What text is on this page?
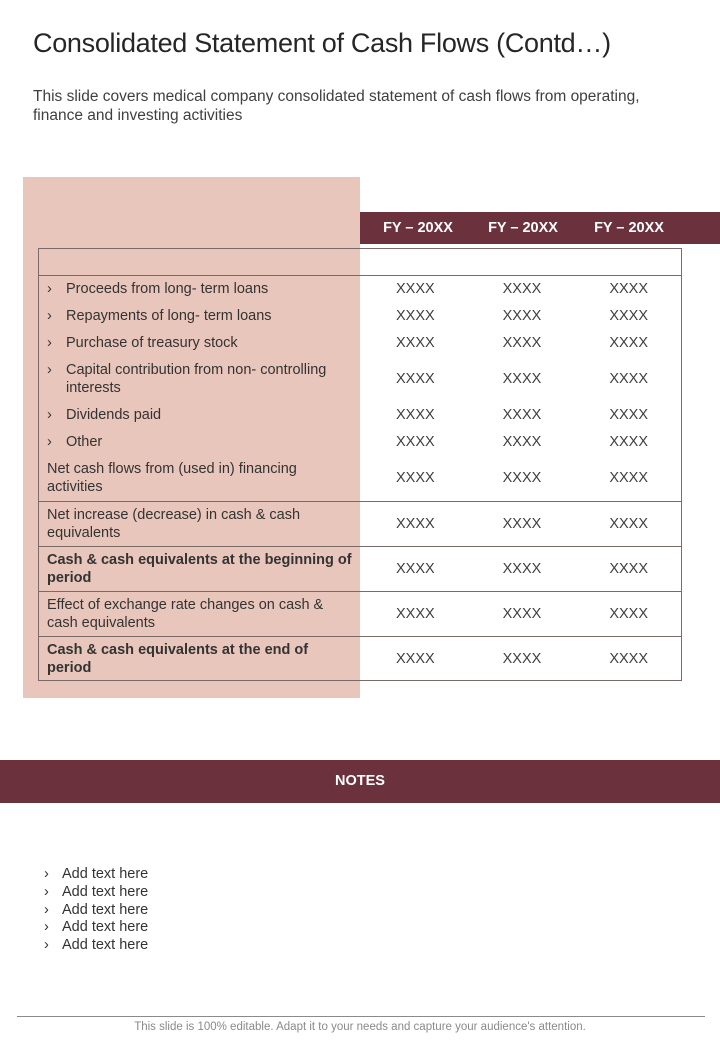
Consolidated Statement of Cash Flows (Contd…)

This slide covers medical company consolidated statement of cash flows from operating, finance and investing activities

FY – 20XX	FY – 20XX	FY – 20XX

› Proceeds from long- term loans	XXXX	XXXX	XXXX

› Repayments of long- term loans	XXXX	XXXX	XXXX

› Purchase of treasury stock	XXXX	XXXX	XXXX

› Capital contribution from non- controlling interests	XXXX	XXXX	XXXX

› Dividends paid	XXXX	XXXX	XXXX

› Other	XXXX	XXXX	XXXX
Net cash flows from (used in) financing activities	XXXX	XXXX	XXXX
Net increase (decrease) in cash & cash equivalents	XXXX	XXXX	XXXX
Cash & cash equivalents at the beginning of period	XXXX	XXXX	XXXX
Effect of exchange rate changes on cash & cash equivalents	XXXX	XXXX	XXXX
Cash & cash equivalents at the end of period	XXXX	XXXX	XXXX
NOTES
› Add text here
› Add text here
› Add text here
› Add text here
› Add text here
This slide is 100% editable. Adapt it to your needs and capture your audience's attention.
